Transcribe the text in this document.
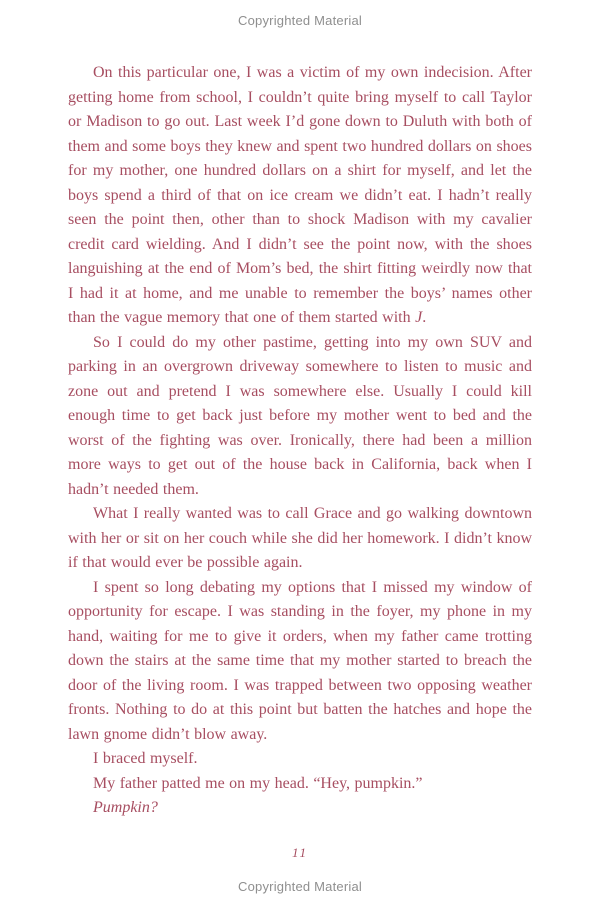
Copyrighted Material
On this particular one, I was a victim of my own indecision. After getting home from school, I couldn’t quite bring myself to call Taylor or Madison to go out. Last week I’d gone down to Duluth with both of them and some boys they knew and spent two hundred dollars on shoes for my mother, one hundred dollars on a shirt for myself, and let the boys spend a third of that on ice cream we didn’t eat. I hadn’t really seen the point then, other than to shock Madison with my cavalier credit card wielding. And I didn’t see the point now, with the shoes languishing at the end of Mom’s bed, the shirt fitting weirdly now that I had it at home, and me unable to remember the boys’ names other than the vague memory that one of them started with J.
So I could do my other pastime, getting into my own SUV and parking in an overgrown driveway somewhere to listen to music and zone out and pretend I was somewhere else. Usually I could kill enough time to get back just before my mother went to bed and the worst of the fighting was over. Ironically, there had been a million more ways to get out of the house back in California, back when I hadn’t needed them.
What I really wanted was to call Grace and go walking downtown with her or sit on her couch while she did her homework. I didn’t know if that would ever be possible again.
I spent so long debating my options that I missed my window of opportunity for escape. I was standing in the foyer, my phone in my hand, waiting for me to give it orders, when my father came trotting down the stairs at the same time that my mother started to breach the door of the living room. I was trapped between two opposing weather fronts. Nothing to do at this point but batten the hatches and hope the lawn gnome didn’t blow away.
I braced myself.
My father patted me on my head. “Hey, pumpkin.”
Pumpkin?
11
Copyrighted Material
